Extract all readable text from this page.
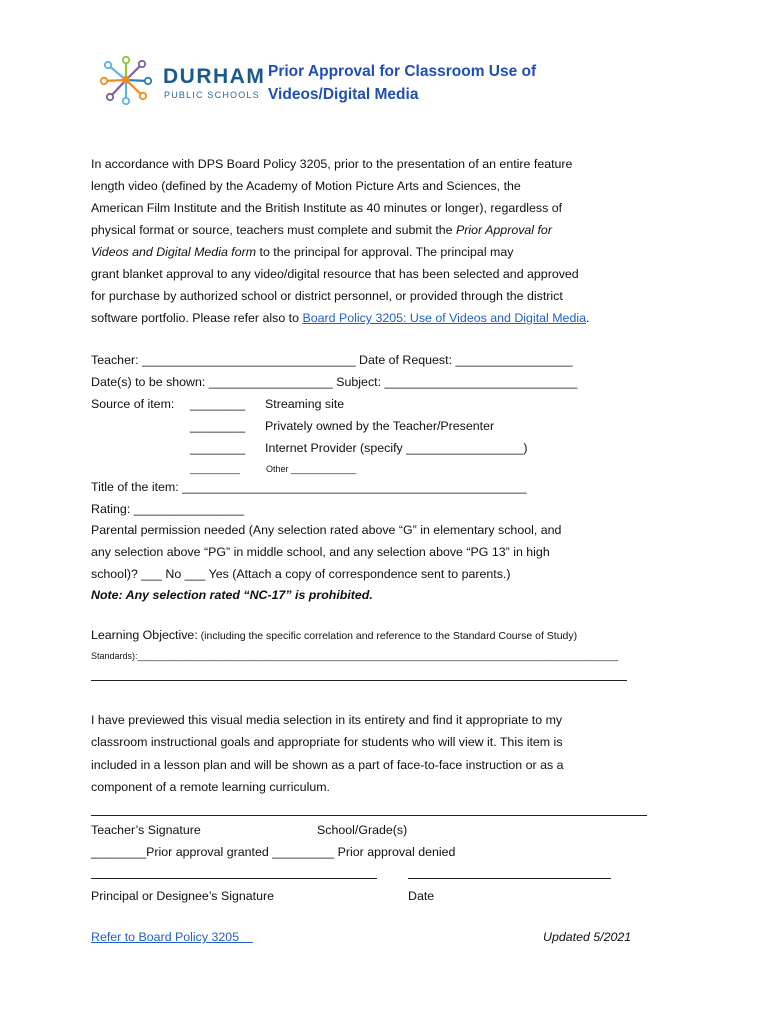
DURHAM
PUBLIC SCHOOLS
Prior Approval for Classroom Use of
Videos/Digital Media
In accordance with DPS Board Policy 3205, prior to the presentation of an entire feature
length video (defined by the Academy of Motion Picture Arts and Sciences, the
American Film Institute and the British Institute as 40 minutes or longer), regardless of
physical format or source, teachers must complete and submit the Prior Approval for
Videos and Digital Media form to the principal for approval. The principal may
grant blanket approval to any video/digital resource that has been selected and approved
for purchase by authorized school or district personnel, or provided through the district
software portfolio. Please refer also to Board Policy 3205: Use of Videos and Digital Media.
Teacher: _______________________________ Date of Request: _________________
Date(s) to be shown: __________________ Subject: ____________________________
Source of item: ________ Streaming site
________ Privately owned by the Teacher/Presenter
________ Internet Provider (specify _________________)
__________	Other _____________
Title of the item: __________________________________________________
Rating: ________________
Parental permission needed (Any selection rated above “G” in elementary school, and
any selection above “PG” in middle school, and any selection above “PG 13” in high
school)? ___ No ___ Yes (Attach a copy of correspondence sent to parents.)
Note: Any selection rated “NC-17” is prohibited.
Learning Objective: (including the specific correlation and reference to the Standard Course of Study)
Standards):________________________________________________________________________________________________
I have previewed this visual media selection in its entirety and find it appropriate to my
classroom instructional goals and appropriate for students who will view it. This item is
included in a lesson plan and will be shown as a part of face-to-face instruction or as a
component of a remote learning curriculum.
Teacher’s Signature	School/Grade(s)
________Prior approval granted _________ Prior approval denied
Principal or Designee’s Signature	Date
Refer to Board Policy 3205	Updated 5/2021
